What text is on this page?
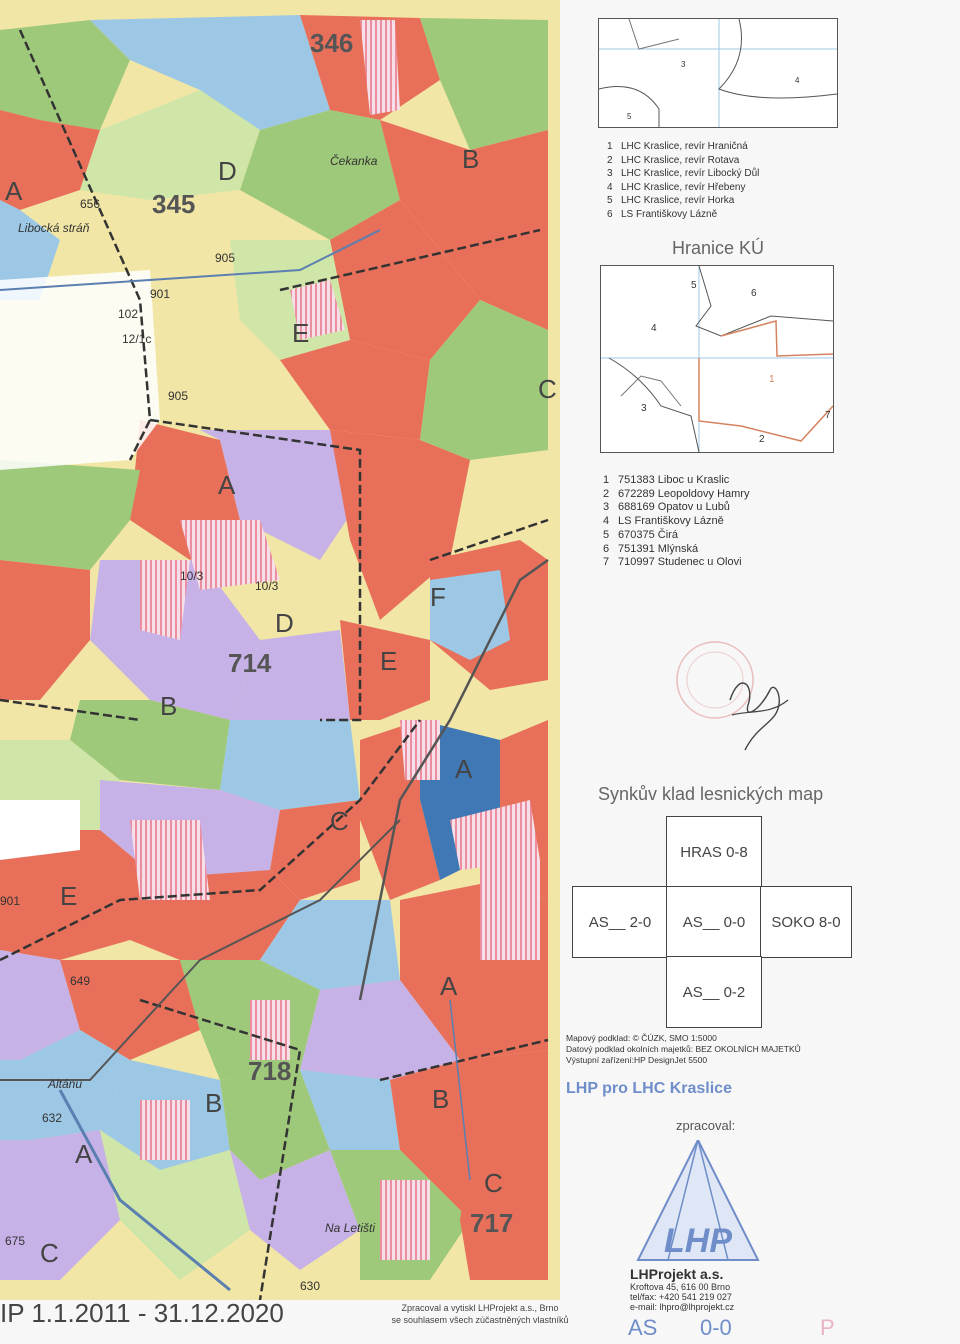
346
345
714
718
717
A
D	B
E
C
A
F
D
E
B
A
C
E
A
B	B
A
C
C
Čekanka
Libocká stráň
Na Letišti
Altánu
905
905
901
901
102
12/1c
10/3
10/3
656
649
675
632
630
3
4
5
1 LHC Kraslice, revír Hraničná
2 LHC Kraslice, revír Rotava
3 LHC Kraslice, revír Libocký Důl
4 LHC Kraslice, revír Hřebeny
5 LHC Kraslice, revír Horka
6 LS Františkovy Lázně
Hranice KÚ
5
6
4
1
3
2
7
1 751383 Liboc u Kraslic
2 672289 Leopoldovy Hamry
3 688169 Opatov u Lubů
4 LS Františkovy Lázně
5 670375 Čirá
6 751391 Mlýnská
7 710997 Studenec u Olovi
Synkův klad lesnických map
HRAS 0-8
AS__ 2-0	AS__ 0-0	SOKO 8-0
AS__ 0-2
Mapový podklad: © ČÚZK, SMO 1:5000
Datový podklad okolních majetků: BEZ OKOLNÍCH MAJETKŮ
Výstupní zařízení:HP DesignJet 5500
LHP pro LHC Kraslice
zpracoval:
LHP
LHProjekt a.s.
Kroftova 45, 616 00 Brno
tel/fax: +420 541 219 027
e-mail: lhpro@lhprojekt.cz
IP 1.1.2011 - 31.12.2020	Zpracoval a vytiskl LHProjekt a.s., Brno
se souhlasem všech zúčastněných vlastníků	AS 0-0	P
